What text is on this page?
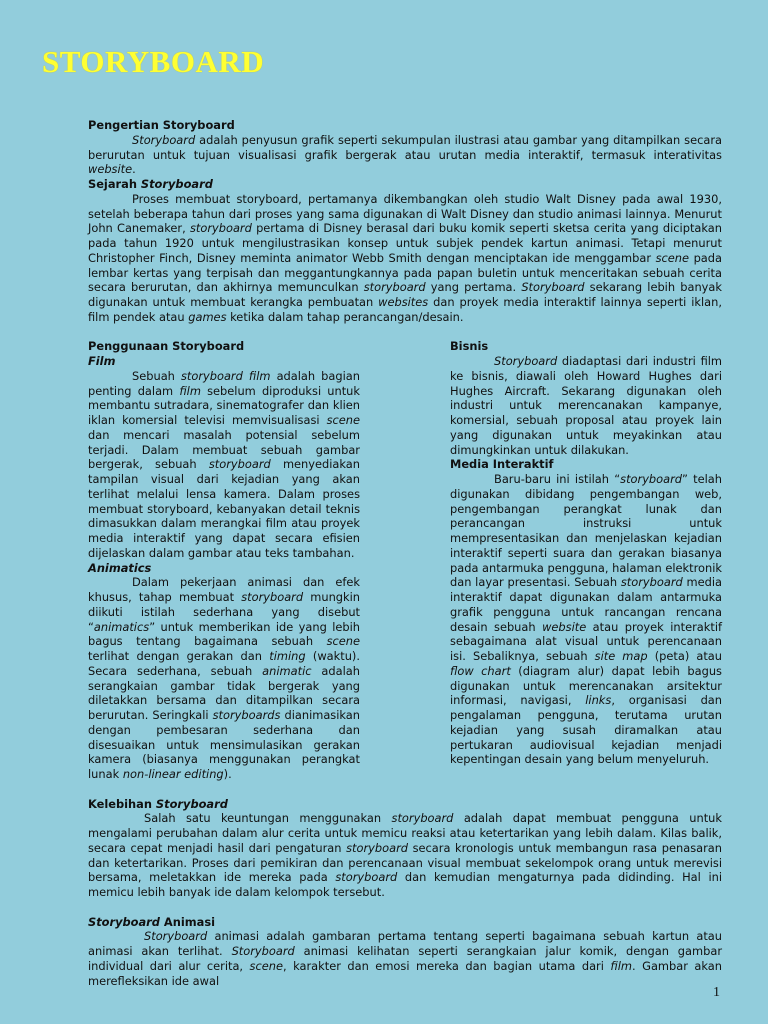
STORYBOARD

Pengertian Storyboard

Storyboard adalah penyusun grafik seperti sekumpulan ilustrasi atau gambar yang ditampilkan secara berurutan untuk tujuan visualisasi grafik bergerak atau urutan media interaktif, termasuk interativitas website.

Sejarah Storyboard

Proses membuat storyboard, pertamanya dikembangkan oleh studio Walt Disney pada awal 1930, setelah beberapa tahun dari proses yang sama digunakan di Walt Disney dan studio animasi lainnya. Menurut John Canemaker, storyboard pertama di Disney berasal dari buku komik seperti sketsa cerita yang diciptakan pada tahun 1920 untuk mengilustrasikan konsep untuk subjek pendek kartun animasi. Tetapi menurut Christopher Finch, Disney meminta animator Webb Smith dengan menciptakan ide menggambar scene pada lembar kertas yang terpisah dan meggantungkannya pada papan buletin untuk menceritakan sebuah cerita secara berurutan, dan akhirnya memunculkan storyboard yang pertama. Storyboard sekarang lebih banyak digunakan untuk membuat kerangka pembuatan websites dan proyek media interaktif lainnya seperti iklan, film pendek atau games ketika dalam tahap perancangan/desain.

Penggunaan Storyboard

Film

Sebuah storyboard film adalah bagian penting dalam film sebelum diproduksi untuk membantu sutradara, sinematografer dan klien iklan komersial televisi memvisualisasi scene dan mencari masalah potensial sebelum terjadi. Dalam membuat sebuah gambar bergerak, sebuah storyboard menyediakan tampilan visual dari kejadian yang akan terlihat melalui lensa kamera. Dalam proses membuat storyboard, kebanyakan detail teknis dimasukkan dalam merangkai film atau proyek media interaktif yang dapat secara efisien dijelaskan dalam gambar atau teks tambahan.

Animatics

Dalam pekerjaan animasi dan efek khusus, tahap membuat storyboard mungkin diikuti istilah sederhana yang disebut “animatics” untuk memberikan ide yang lebih bagus tentang bagaimana sebuah scene terlihat dengan gerakan dan timing (waktu). Secara sederhana, sebuah animatic adalah serangkaian gambar tidak bergerak yang diletakkan bersama dan ditampilkan secara berurutan. Seringkali storyboards dianimasikan dengan pembesaran sederhana dan disesuaikan untuk mensimulasikan gerakan kamera (biasanya menggunakan perangkat lunak non-linear editing).

Bisnis

Storyboard diadaptasi dari industri film ke bisnis, diawali oleh Howard Hughes dari Hughes Aircraft. Sekarang digunakan oleh industri untuk merencanakan kampanye, komersial, sebuah proposal atau proyek lain yang digunakan untuk meyakinkan atau dimungkinkan untuk dilakukan.

Media Interaktif

Baru-baru ini istilah “storyboard” telah digunakan dibidang pengembangan web, pengembangan perangkat lunak dan perancangan instruksi untuk mempresentasikan dan menjelaskan kejadian interaktif seperti suara dan gerakan biasanya pada antarmuka pengguna, halaman elektronik dan layar presentasi. Sebuah storyboard media interaktif dapat digunakan dalam antarmuka grafik pengguna untuk rancangan rencana desain sebuah website atau proyek interaktif sebagaimana alat visual untuk perencanaan isi. Sebaliknya, sebuah site map (peta) atau flow chart (diagram alur) dapat lebih bagus digunakan untuk merencanakan arsitektur informasi, navigasi, links, organisasi dan pengalaman pengguna, terutama urutan kejadian yang susah diramalkan atau pertukaran audiovisual kejadian menjadi kepentingan desain yang belum menyeluruh.

Kelebihan Storyboard

Salah satu keuntungan menggunakan storyboard adalah dapat membuat pengguna untuk mengalami perubahan dalam alur cerita untuk memicu reaksi atau ketertarikan yang lebih dalam. Kilas balik, secara cepat menjadi hasil dari pengaturan storyboard secara kronologis untuk membangun rasa penasaran dan ketertarikan. Proses dari pemikiran dan perencanaan visual membuat sekelompok orang untuk merevisi bersama, meletakkan ide mereka pada storyboard dan kemudian mengaturnya pada didinding. Hal ini memicu lebih banyak ide dalam kelompok tersebut.

Storyboard Animasi

Storyboard animasi adalah gambaran pertama tentang seperti bagaimana sebuah kartun atau animasi akan terlihat. Storyboard animasi kelihatan seperti serangkaian jalur komik, dengan gambar individual dari alur cerita, scene, karakter dan emosi mereka dan bagian utama dari film. Gambar akan merefleksikan ide awal

1
